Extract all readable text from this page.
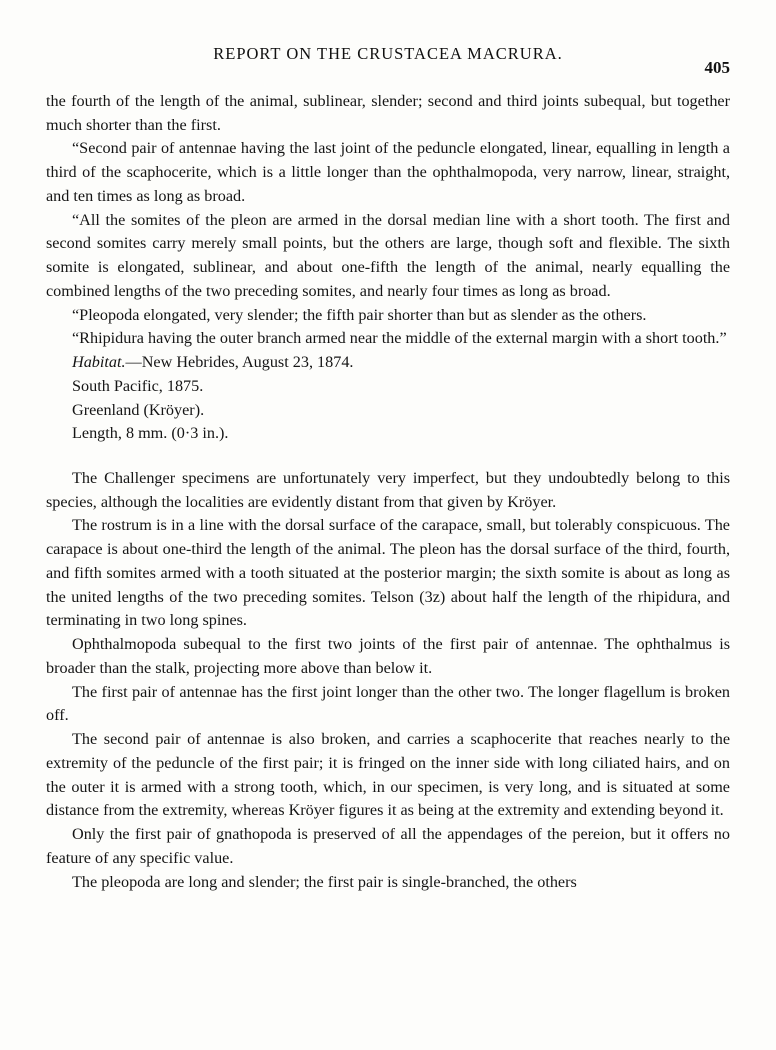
REPORT ON THE CRUSTACEA MACRURA.
405

the fourth of the length of the animal, sublinear, slender; second and third joints subequal, but together much shorter than the first.

“Second pair of antennae having the last joint of the peduncle elongated, linear, equalling in length a third of the scaphocerite, which is a little longer than the ophthalmopoda, very narrow, linear, straight, and ten times as long as broad.

“All the somites of the pleon are armed in the dorsal median line with a short tooth. The first and second somites carry merely small points, but the others are large, though soft and flexible. The sixth somite is elongated, sublinear, and about one-fifth the length of the animal, nearly equalling the combined lengths of the two preceding somites, and nearly four times as long as broad.

“Pleopoda elongated, very slender; the fifth pair shorter than but as slender as the others.

“Rhipidura having the outer branch armed near the middle of the external margin with a short tooth.”

Habitat.—New Hebrides, August 23, 1874.

South Pacific, 1875.

Greenland (Kröyer).

Length, 8 mm. (0·3 in.).

The Challenger specimens are unfortunately very imperfect, but they undoubtedly belong to this species, although the localities are evidently distant from that given by Kröyer.

The rostrum is in a line with the dorsal surface of the carapace, small, but tolerably conspicuous. The carapace is about one-third the length of the animal. The pleon has the dorsal surface of the third, fourth, and fifth somites armed with a tooth situated at the posterior margin; the sixth somite is about as long as the united lengths of the two preceding somites. Telson (3z) about half the length of the rhipidura, and terminating in two long spines.

Ophthalmopoda subequal to the first two joints of the first pair of antennae. The ophthalmus is broader than the stalk, projecting more above than below it.

The first pair of antennae has the first joint longer than the other two. The longer flagellum is broken off.

The second pair of antennae is also broken, and carries a scaphocerite that reaches nearly to the extremity of the peduncle of the first pair; it is fringed on the inner side with long ciliated hairs, and on the outer it is armed with a strong tooth, which, in our specimen, is very long, and is situated at some distance from the extremity, whereas Kröyer figures it as being at the extremity and extending beyond it.

Only the first pair of gnathopoda is preserved of all the appendages of the pereion, but it offers no feature of any specific value.

The pleopoda are long and slender; the first pair is single-branched, the others
